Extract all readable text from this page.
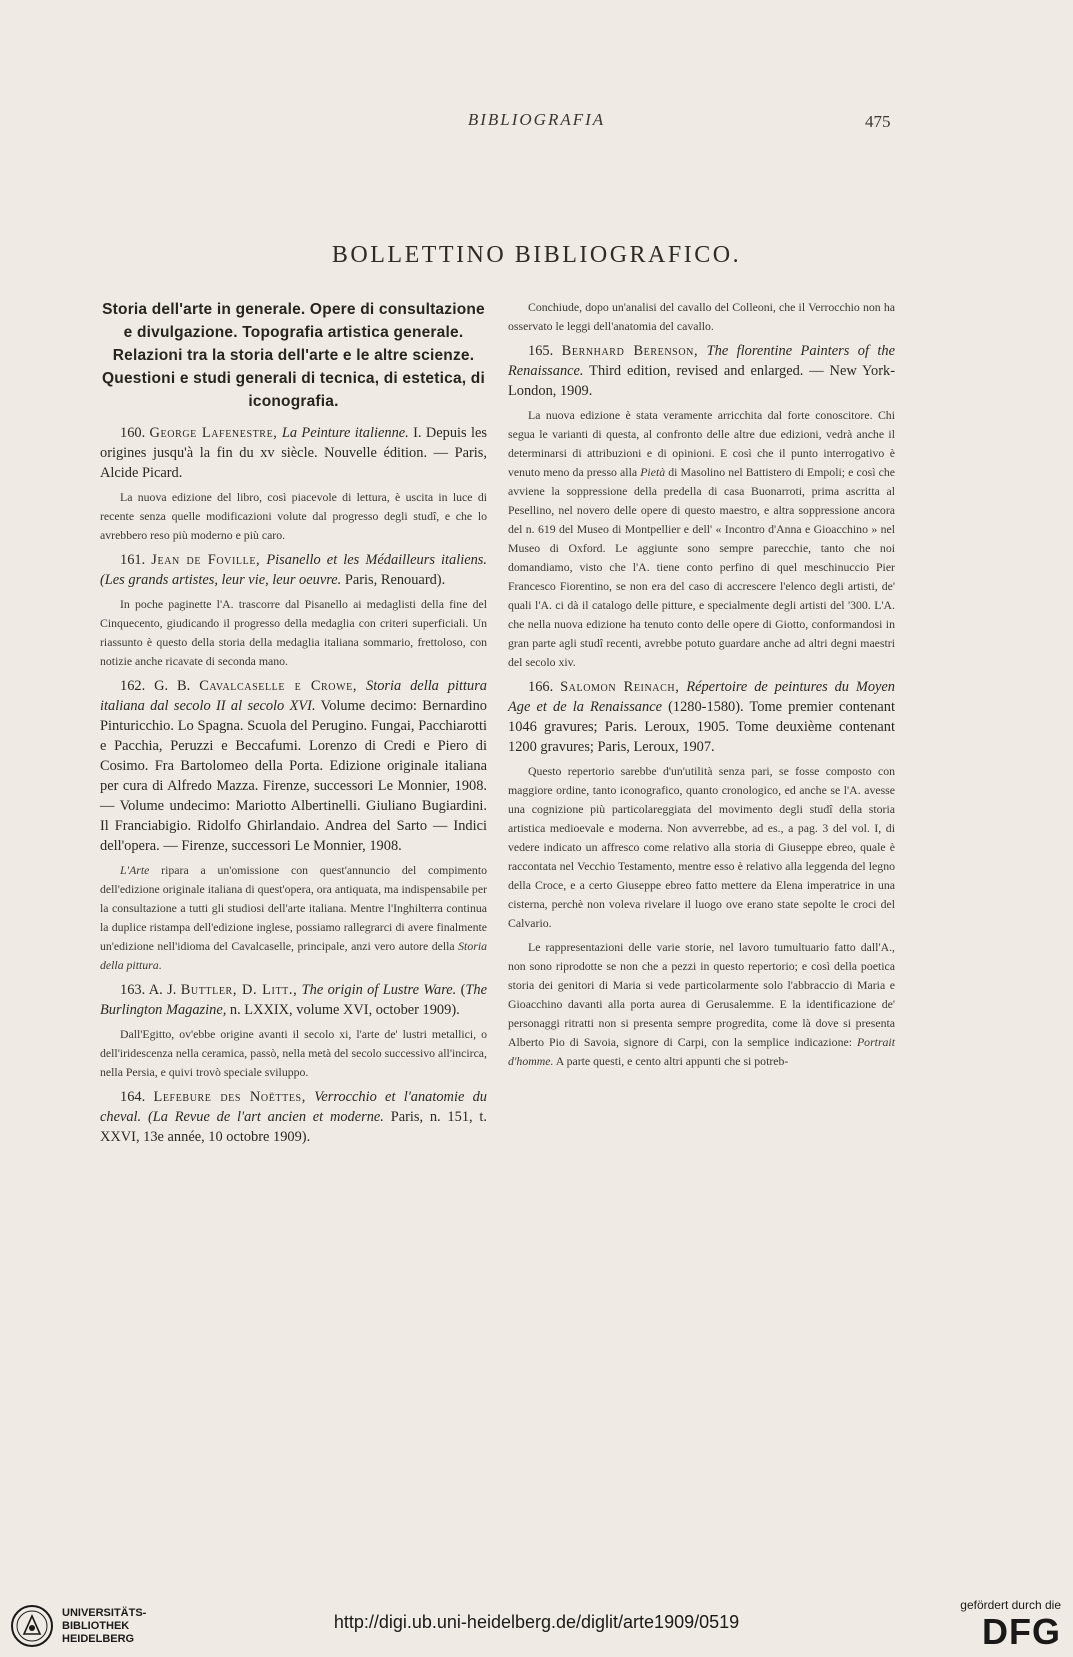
BIBLIOGRAFIA	475
BOLLETTINO BIBLIOGRAFICO.
Storia dell'arte in generale. Opere di consultazione e divulgazione. Topografia artistica generale. Relazioni tra la storia dell'arte e le altre scienze. Questioni e studi generali di tecnica, di estetica, di iconografia.

160. George Lafenestre, La Peinture italienne. I. Depuis les origines jusqu'à la fin du xv siècle. Nouvelle édition. — Paris, Alcide Picard.

La nuova edizione del libro, così piacevole di lettura, è uscita in luce di recente senza quelle modificazioni volute dal progresso degli studî, e che lo avrebbero reso più moderno e più caro.

161. Jean de Foville, Pisanello et les Médailleurs italiens. (Les grands artistes, leur vie, leur oeuvre. Paris, Renouard).

In poche paginette l'A. trascorre dal Pisanello ai medaglisti della fine del Cinquecento, giudicando il progresso della medaglia con criteri superficiali. Un riassunto è questo della storia della medaglia italiana sommario, frettoloso, con notizie anche ricavate di seconda mano.

162. G. B. Cavalcaselle e Crowe, Storia della pittura italiana dal secolo II al secolo XVI. Volume decimo: Bernardino Pinturicchio. Lo Spagna. Scuola del Perugino. Fungai, Pacchiarotti e Pacchia, Peruzzi e Beccafumi. Lorenzo di Credi e Piero di Cosimo. Fra Bartolomeo della Porta. Edizione originale italiana per cura di Alfredo Mazza. Firenze, successori Le Monnier, 1908. — Volume undecimo: Mariotto Albertinelli. Giuliano Bugiardini. Il Franciabigio. Ridolfo Ghirlandaio. Andrea del Sarto — Indici dell'opera. — Firenze, successori Le Monnier, 1908.

L'Arte ripara a un'omissione con quest'annuncio del compimento dell'edizione originale italiana di quest'opera, ora antiquata, ma indispensabile per la consultazione a tutti gli studiosi dell'arte italiana. Mentre l'Inghilterra continua la duplice ristampa dell'edizione inglese, possiamo rallegrarci di avere finalmente un'edizione nell'idioma del Cavalcaselle, principale, anzi vero autore della Storia della pittura.

163. A. J. Buttler, D. Litt., The origin of Lustre Ware. (The Burlington Magazine, n. LXXIX, volume XVI, october 1909).

Dall'Egitto, ov'ebbe origine avanti il secolo xi, l'arte de' lustri metallici, o dell'iridescenza nella ceramica, passò, nella metà del secolo successivo all'incirca, nella Persia, e quivi trovò speciale sviluppo.

164. Lefebure des Noëttes, Verrocchio et l'anatomie du cheval. (La Revue de l'art ancien et moderne. Paris, n. 151, t. XXVI, 13e année, 10 octobre 1909).

Conchiude, dopo un'analisi del cavallo del Colleoni, che il Verrocchio non ha osservato le leggi dell'anatomia del cavallo.

165. Bernhard Berenson, The florentine Painters of the Renaissance. Third edition, revised and enlarged. — New York-London, 1909.

La nuova edizione è stata veramente arricchita dal forte conoscitore. Chi segua le varianti di questa, al confronto delle altre due edizioni, vedrà anche il determinarsi di attribuzioni e di opinioni. E così che il punto interrogativo è venuto meno da presso alla Pietà di Masolino nel Battistero di Empoli; e così che avviene la soppressione della predella di casa Buonarroti, prima ascritta al Pesellino, nel novero delle opere di questo maestro, e altra soppressione ancora del n. 619 del Museo di Montpellier e dell' « Incontro d'Anna e Gioacchino » nel Museo di Oxford. Le aggiunte sono sempre parecchie, tanto che noi domandiamo, visto che l'A. tiene conto perfino di quel meschinuccio Pier Francesco Fiorentino, se non era del caso di accrescere l'elenco degli artisti, de' quali l'A. ci dà il catalogo delle pitture, e specialmente degli artisti del '300. L'A. che nella nuova edizione ha tenuto conto delle opere di Giotto, conformandosi in gran parte agli studî recenti, avrebbe potuto guardare anche ad altri degni maestri del secolo xiv.

166. Salomon Reinach, Répertoire de peintures du Moyen Age et de la Renaissance (1280-1580). Tome premier contenant 1046 gravures; Paris. Leroux, 1905. Tome deuxième contenant 1200 gravures; Paris, Leroux, 1907.

Questo repertorio sarebbe d'un'utilità senza pari, se fosse composto con maggiore ordine, tanto iconografico, quanto cronologico, ed anche se l'A. avesse una cognizione più particolareggiata del movimento degli studî della storia artistica medioevale e moderna. Non avverrebbe, ad es., a pag. 3 del vol. I, di vedere indicato un affresco come relativo alla storia di Giuseppe ebreo, quale è raccontata nel Vecchio Testamento, mentre esso è relativo alla leggenda del legno della Croce, e a certo Giuseppe ebreo fatto mettere da Elena imperatrice in una cisterna, perchè non voleva rivelare il luogo ove erano state sepolte le croci del Calvario.

Le rappresentazioni delle varie storie, nel lavoro tumultuario fatto dall'A., non sono riprodotte se non che a pezzi in questo repertorio; e così della poetica storia dei genitori di Maria si vede particolarmente solo l'abbraccio di Maria e Gioacchino davanti alla porta aurea di Gerusalemme. E la identificazione de' personaggi ritratti non si presenta sempre progredita, come là dove si presenta Alberto Pio di Savoia, signore di Carpi, con la semplice indicazione: Portrait d'homme. A parte questi, e cento altri appunti che si potreb-

UNIVERSITÄTS-
BIBLIOTHEK
HEIDELBERG
http://digi.ub.uni-heidelberg.de/diglit/arte1909/0519
gefördert durch die
DFG
